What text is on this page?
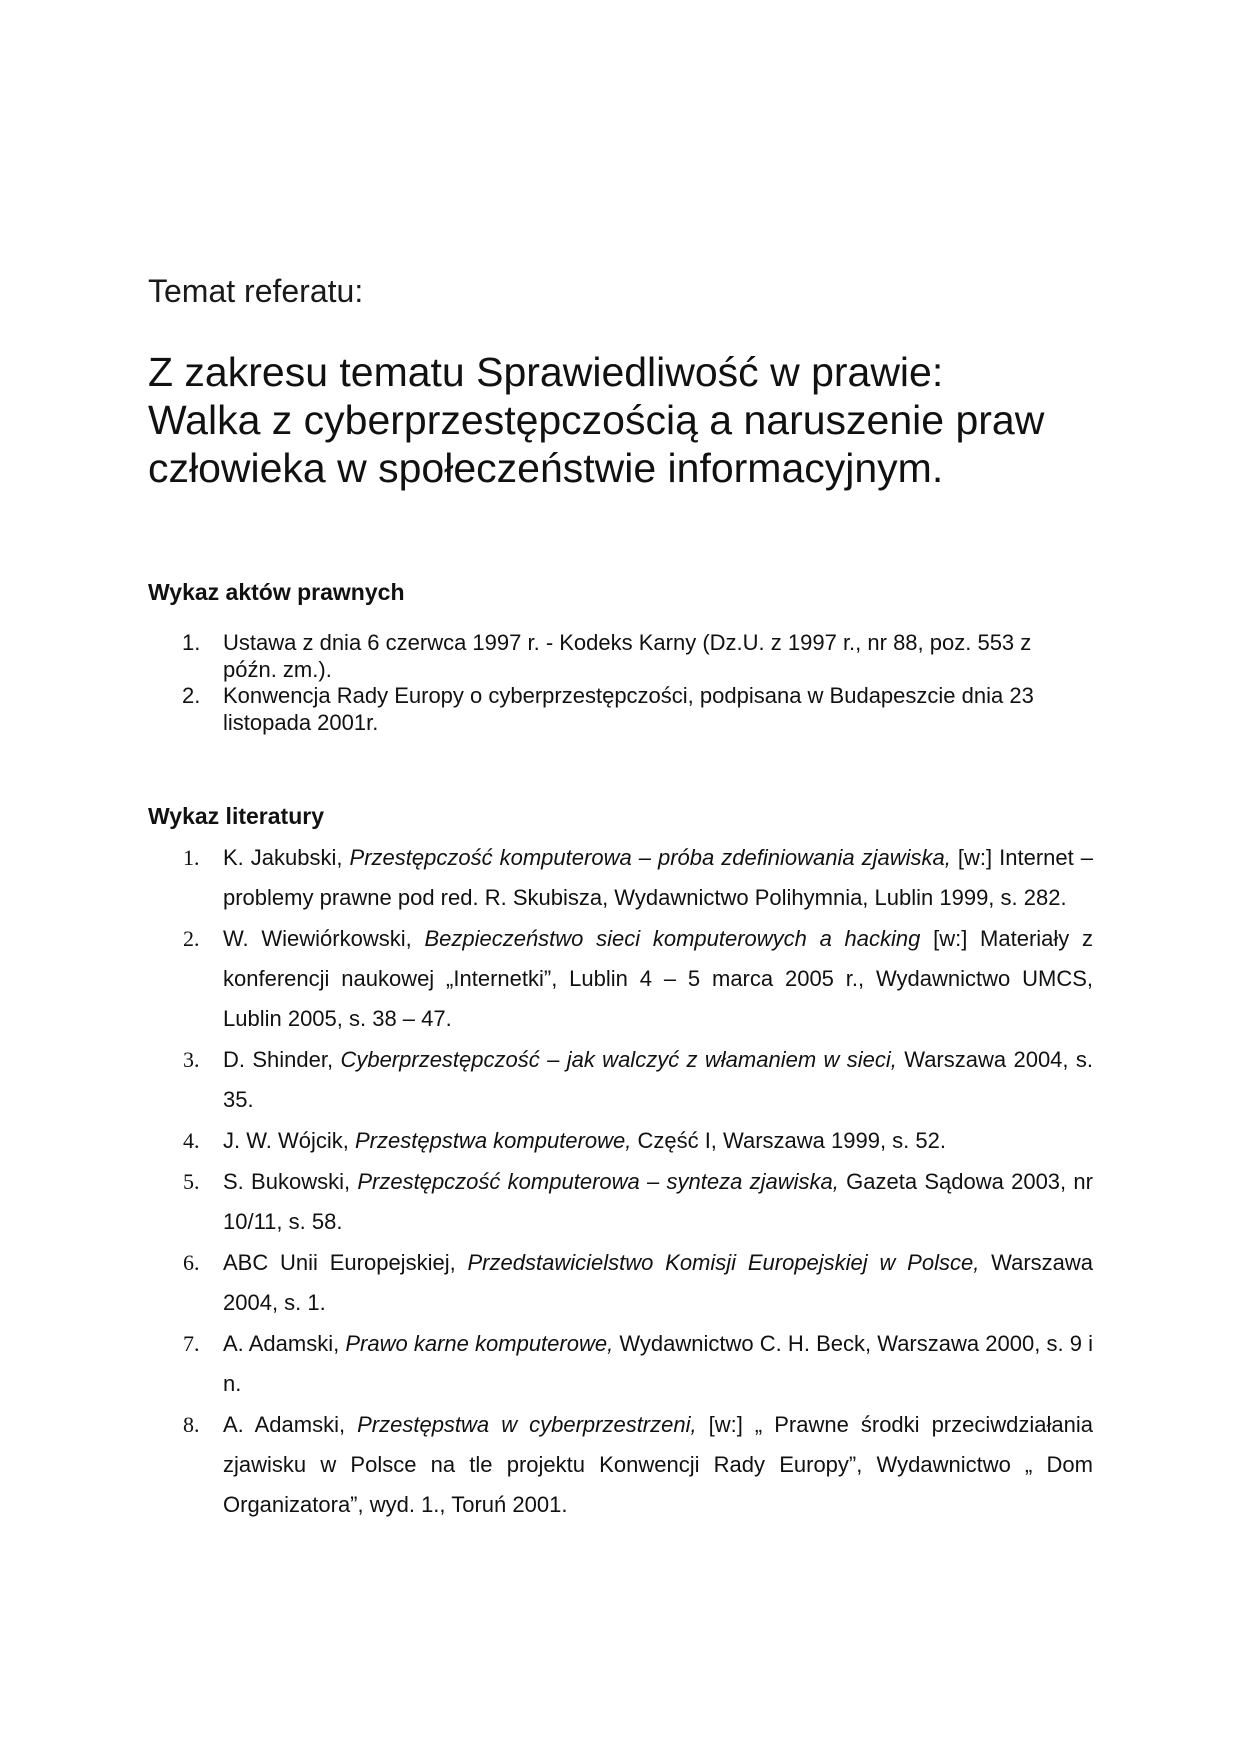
Temat referatu:
Z zakresu tematu Sprawiedliwość w prawie:
Walka z cyberprzestępczością a naruszenie praw
człowieka w społeczeństwie informacyjnym.
Wykaz aktów prawnych
1. Ustawa z dnia 6 czerwca 1997 r. - Kodeks Karny (Dz.U. z 1997 r., nr 88, poz. 553 z
późn. zm.).
2. Konwencja Rady Europy o cyberprzestępczości, podpisana w Budapeszcie dnia 23
listopada 2001r.
Wykaz literatury
1. K. Jakubski, Przestępczość komputerowa – próba zdefiniowania zjawiska, [w:] Internet – problemy prawne pod red. R. Skubisza, Wydawnictwo Polihymnia, Lublin 1999, s. 282.
2. W. Wiewiórkowski, Bezpieczeństwo sieci komputerowych a hacking [w:] Materiały z konferencji naukowej „Internetki”, Lublin 4 – 5 marca 2005 r., Wydawnictwo UMCS, Lublin 2005, s. 38 – 47.
3. D. Shinder, Cyberprzestępczość – jak walczyć z włamaniem w sieci, Warszawa 2004, s. 35.
4. J. W. Wójcik, Przestępstwa komputerowe, Część I, Warszawa 1999, s. 52.
5. S. Bukowski, Przestępczość komputerowa – synteza zjawiska, Gazeta Sądowa 2003, nr 10/11, s. 58.
6. ABC Unii Europejskiej, Przedstawicielstwo Komisji Europejskiej w Polsce, Warszawa 2004, s. 1.
7. A. Adamski, Prawo karne komputerowe, Wydawnictwo C. H. Beck, Warszawa 2000, s. 9 i n.
8. A. Adamski, Przestępstwa w cyberprzestrzeni, [w:] „ Prawne środki przeciwdziałania zjawisku w Polsce na tle projektu Konwencji Rady Europy”, Wydawnictwo „ Dom Organizatora”, wyd. 1., Toruń 2001.
